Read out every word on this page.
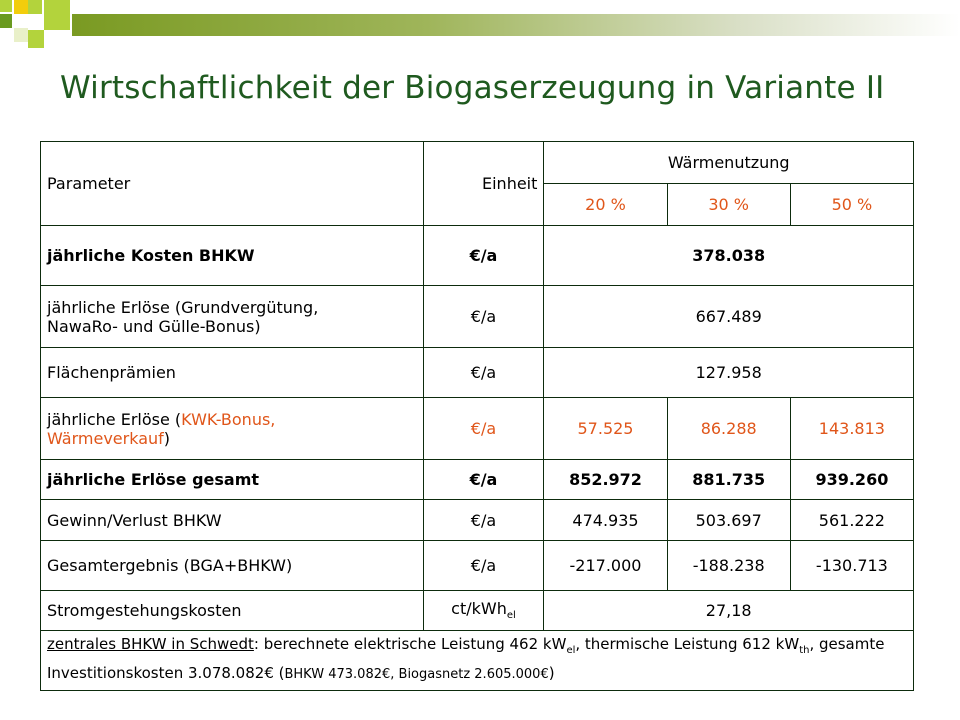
Wirtschaftlichkeit der Biogaserzeugung in Variante II
Parameter	Einheit	Wärmenutzung		
		20 %	30 %	50 %
jährliche Kosten BHKW	€/a	378.038		
jährliche Erlöse (Grundvergütung,
NawaRo- und Gülle-Bonus)	€/a	667.489		
Flächenprämien	€/a	127.958		
jährliche Erlöse (KWK-Bonus,
Wärmeverkauf)	€/a	57.525	86.288	143.813
jährliche Erlöse gesamt	€/a	852.972	881.735	939.260
Gewinn/Verlust BHKW	€/a	474.935	503.697	561.222
Gesamtergebnis (BGA+BHKW)	€/a	-217.000	-188.238	-130.713
Stromgestehungskosten	ct/kWh$_{el}$	27,18		
zentrales BHKW in Schwedt: berechnete elektrische Leistung 462 $kW_{el}$, thermische Leistung 612 $kW_{th}$, gesamte Investitionskosten 3.078.082€ (BHKW 473.082€, Biogasnetz 2.605.000€)				
